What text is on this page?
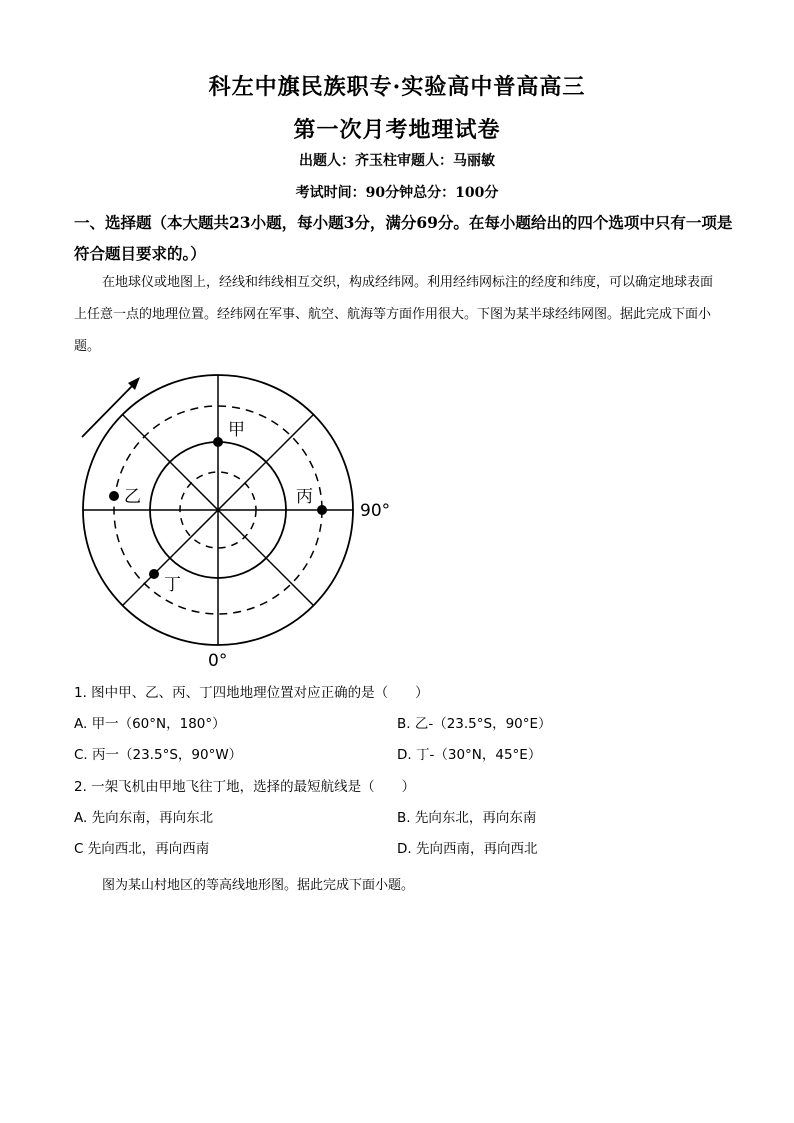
科左中旗民族职专·实验高中普高高三
第一次月考地理试卷
出题人：齐玉柱审题人：马丽敏
考试时间：90分钟总分：100分
一、选择题（本大题共23小题，每小题3分，满分69分。在每小题给出的四个选项中只有一项是符合题目要求的。）
在地球仪或地图上，经线和纬线相互交织，构成经纬网。利用经纬网标注的经度和纬度，可以确定地球表面上任意一点的地理位置。经纬网在军事、航空、航海等方面作用很大。下图为某半球经纬网图。据此完成下面小题。
甲
乙	丙
丁
90°
0°
1. 图中甲、乙、丙、丁四地地理位置对应正确的是（　　）
A. 甲一（60°N，180°）	B. 乙-（23.5°S，90°E）
C. 丙一（23.5°S，90°W）	D. 丁-（30°N，45°E）
2. 一架飞机由甲地飞往丁地，选择的最短航线是（　　）
A. 先向东南，再向东北	B. 先向东北，再向东南
C 先向西北，再向西南	D. 先向西南，再向西北
图为某山村地区的等高线地形图。据此完成下面小题。
